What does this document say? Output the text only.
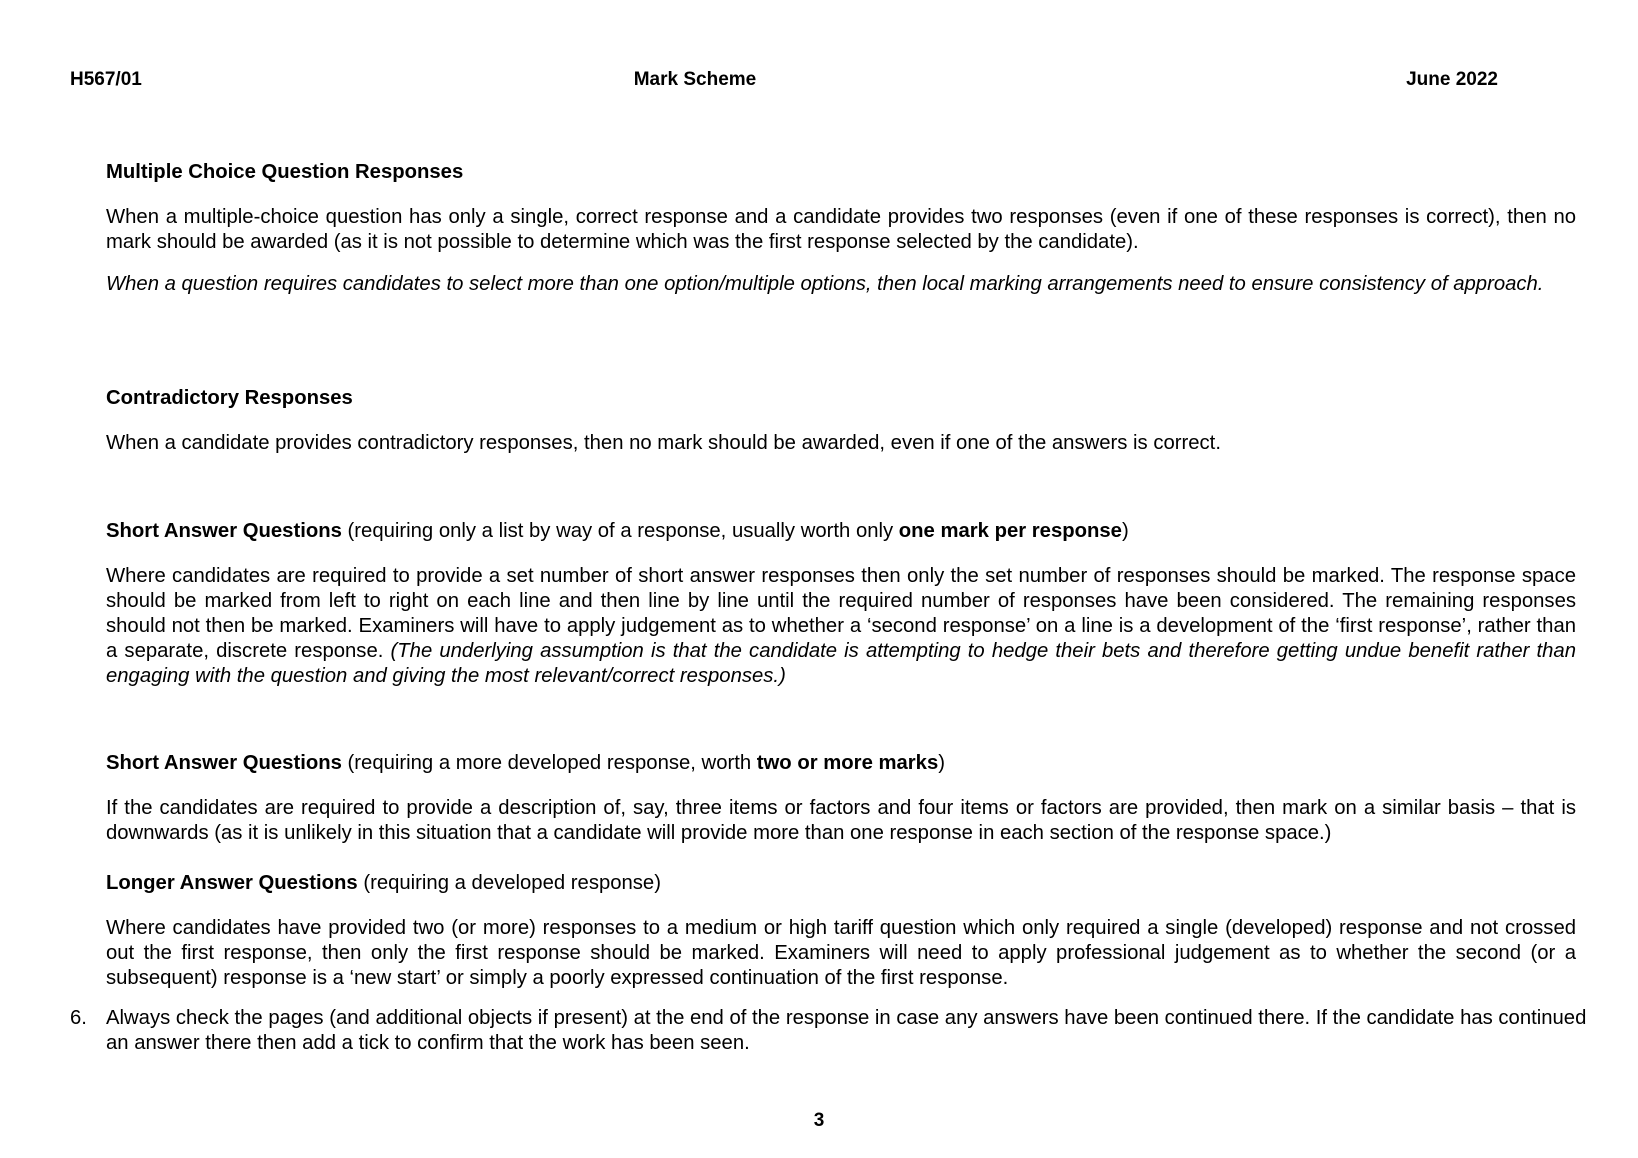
H567/01	Mark Scheme	June 2022
Multiple Choice Question Responses

When a multiple-choice question has only a single, correct response and a candidate provides two responses (even if one of these responses is correct), then no mark should be awarded (as it is not possible to determine which was the first response selected by the candidate).

When a question requires candidates to select more than one option/multiple options, then local marking arrangements need to ensure consistency of approach.

Contradictory Responses

When a candidate provides contradictory responses, then no mark should be awarded, even if one of the answers is correct.

Short Answer Questions (requiring only a list by way of a response, usually worth only one mark per response)

Where candidates are required to provide a set number of short answer responses then only the set number of responses should be marked. The response space should be marked from left to right on each line and then line by line until the required number of responses have been considered. The remaining responses should not then be marked. Examiners will have to apply judgement as to whether a ‘second response’ on a line is a development of the ‘first response’, rather than a separate, discrete response. (The underlying assumption is that the candidate is attempting to hedge their bets and therefore getting undue benefit rather than engaging with the question and giving the most relevant/correct responses.)

Short Answer Questions (requiring a more developed response, worth two or more marks)

If the candidates are required to provide a description of, say, three items or factors and four items or factors are provided, then mark on a similar basis – that is downwards (as it is unlikely in this situation that a candidate will provide more than one response in each section of the response space.)

Longer Answer Questions (requiring a developed response)

Where candidates have provided two (or more) responses to a medium or high tariff question which only required a single (developed) response and not crossed out the first response, then only the first response should be marked. Examiners will need to apply professional judgement as to whether the second (or a subsequent) response is a ‘new start’ or simply a poorly expressed continuation of the first response.

6. Always check the pages (and additional objects if present) at the end of the response in case any answers have been continued there. If the candidate has continued an answer there then add a tick to confirm that the work has been seen.

3
